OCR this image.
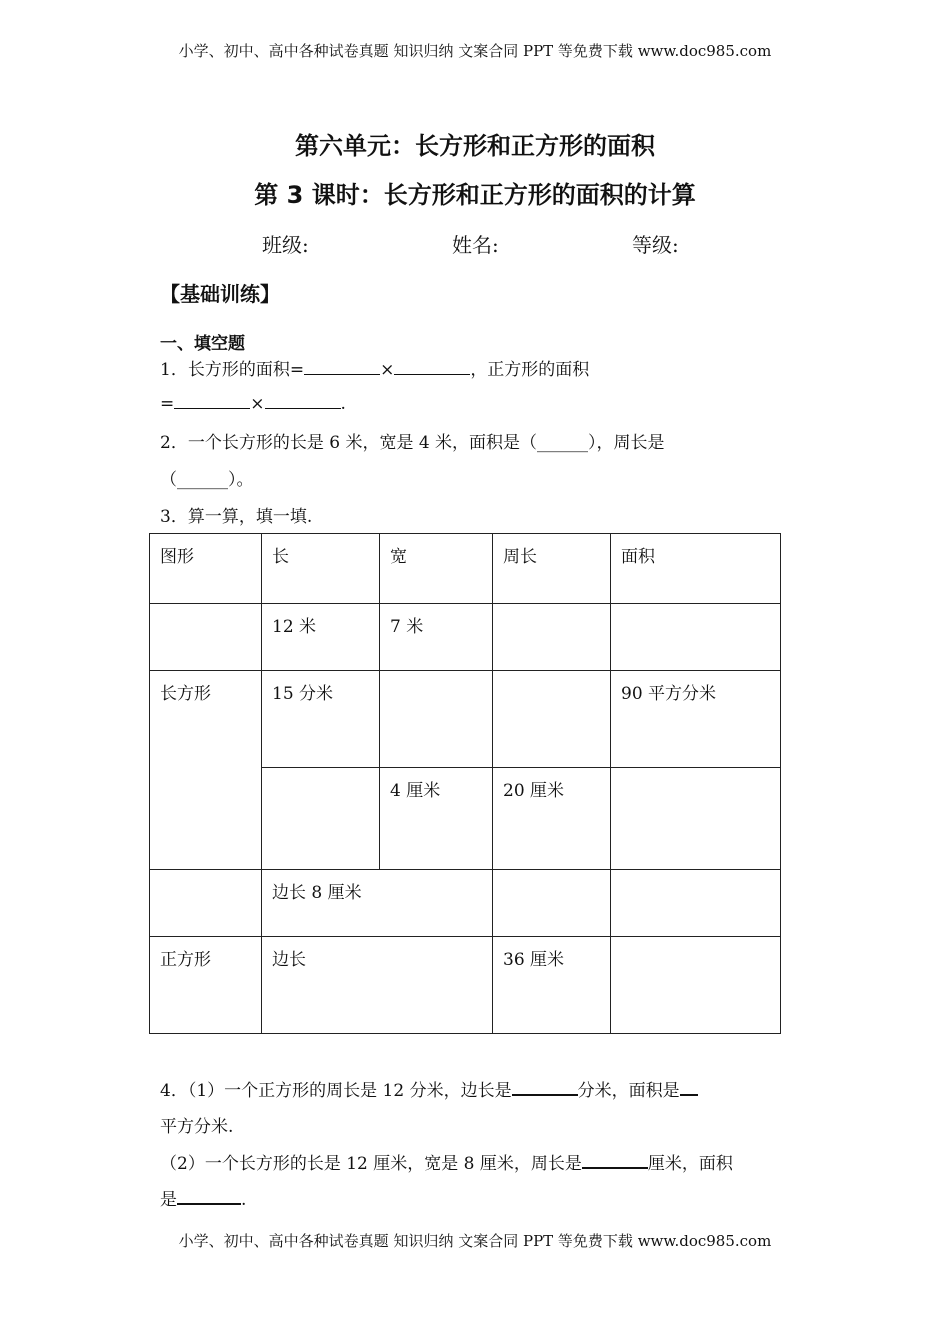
小学、初中、高中各种试卷真题 知识归纳 文案合同 PPT 等免费下载 www.doc985.com
第六单元：长方形和正方形的面积
第 3 课时：长方形和正方形的面积的计算
班级:	姓名:	等级:
【基础训练】
一、填空题
1．长方形的面积=	×	，正方形的面积
=	×	.
2．一个长方形的长是 6 米，宽是 4 米，面积是（______），周长是
（______）。
3．算一算，填一填.
图形	长	宽	周长	面积
	12 米	7 米		
长方形	15 分米			90 平方分米
		4 厘米	20 厘米	
	边长 8 厘米			
正方形	边长		36 厘米	
4．（1）一个正方形的周长是 12 分米，边长是	分米，面积是
平方分米.
（2）一个长方形的长是 12 厘米，宽是 8 厘米，周长是	厘米，面积
是	.
小学、初中、高中各种试卷真题 知识归纳 文案合同 PPT 等免费下载 www.doc985.com
